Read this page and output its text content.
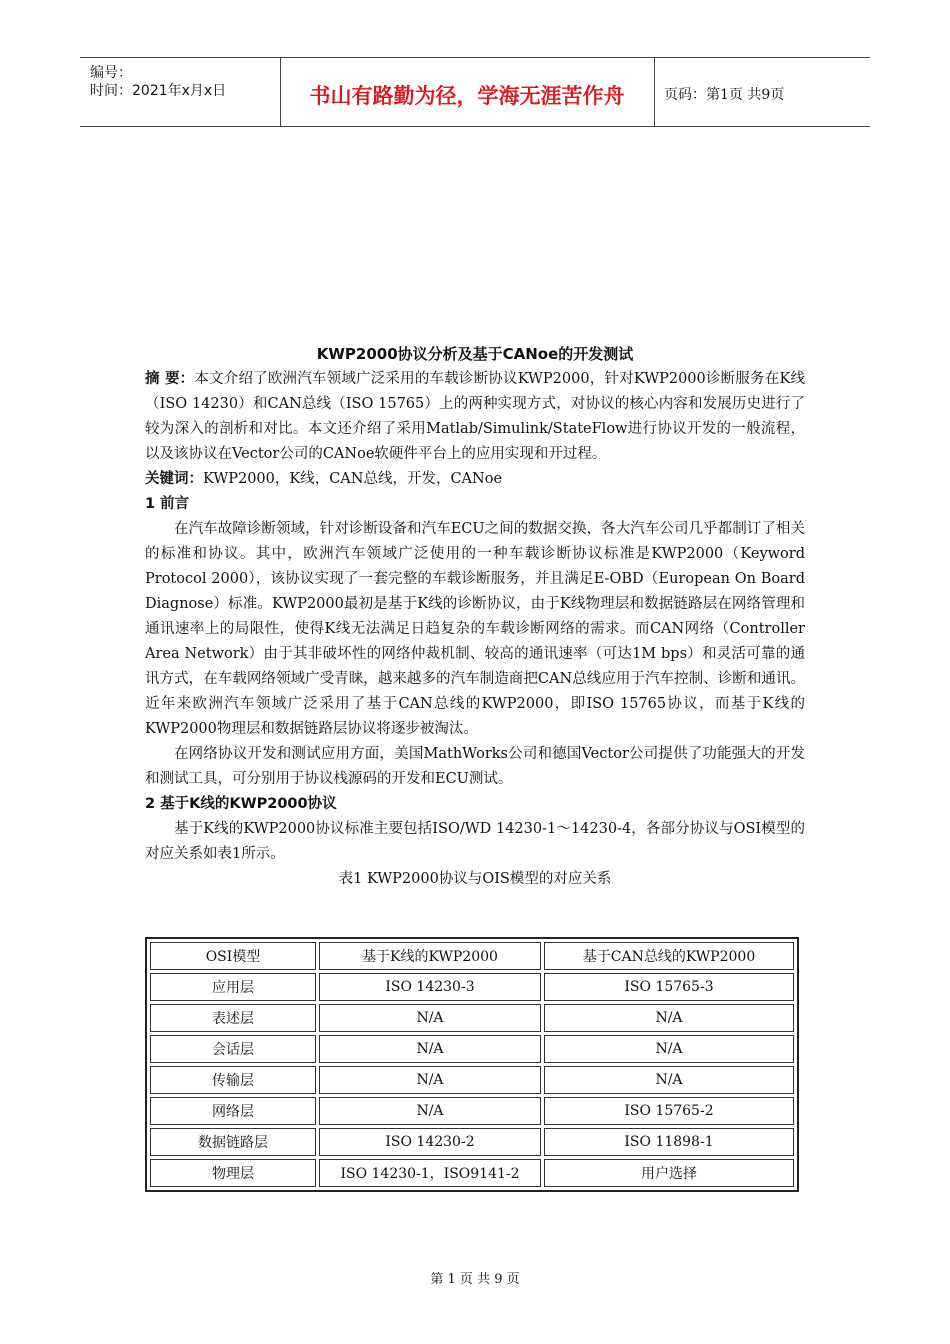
编号：
时间：2021年x月x日	书山有路勤为径，学海无涯苦作舟	页码：第1页 共9页
KWP2000协议分析及基于CANoe的开发测试

摘 要：本文介绍了欧洲汽车领域广泛采用的车载诊断协议KWP2000，针对KWP2000诊断服务在K线（ISO 14230）和CAN总线（ISO 15765）上的两种实现方式，对协议的核心内容和发展历史进行了较为深入的剖析和对比。本文还介绍了采用Matlab/Simulink/StateFlow进行协议开发的一般流程，以及该协议在Vector公司的CANoe软硬件平台上的应用实现和开过程。

关键词：KWP2000，K线，CAN总线，开发，CANoe

1 前言

在汽车故障诊断领域，针对诊断设备和汽车ECU之间的数据交换，各大汽车公司几乎都制订了相关的标准和协议。其中，欧洲汽车领域广泛使用的一种车载诊断协议标准是KWP2000（Keyword Protocol 2000），该协议实现了一套完整的车载诊断服务，并且满足E-OBD（European On Board Diagnose）标准。KWP2000最初是基于K线的诊断协议，由于K线物理层和数据链路层在网络管理和通讯速率上的局限性，使得K线无法满足日趋复杂的车载诊断网络的需求。而CAN网络（Controller Area Network）由于其非破坏性的网络仲裁机制、较高的通讯速率（可达1M bps）和灵活可靠的通讯方式，在车载网络领域广受青睐，越来越多的汽车制造商把CAN总线应用于汽车控制、诊断和通讯。近年来欧洲汽车领域广泛采用了基于CAN总线的KWP2000，即ISO 15765协议，而基于K线的KWP2000物理层和数据链路层协议将逐步被淘汰。

在网络协议开发和测试应用方面，美国MathWorks公司和德国Vector公司提供了功能强大的开发和测试工具，可分别用于协议栈源码的开发和ECU测试。

2 基于K线的KWP2000协议

基于K线的KWP2000协议标准主要包括ISO/WD 14230-1～14230-4，各部分协议与OSI模型的对应关系如表1所示。

表1 KWP2000协议与OIS模型的对应关系

OSI模型	基于K线的KWP2000	基于CAN总线的KWP2000
应用层	ISO 14230-3	ISO 15765-3
表述层	N/A	N/A
会话层	N/A	N/A
传输层	N/A	N/A
网络层	N/A	ISO 15765-2
数据链路层	ISO 14230-2	ISO 11898-1
物理层	ISO 14230-1，ISO9141-2	用户选择
第 1 页 共 9 页
